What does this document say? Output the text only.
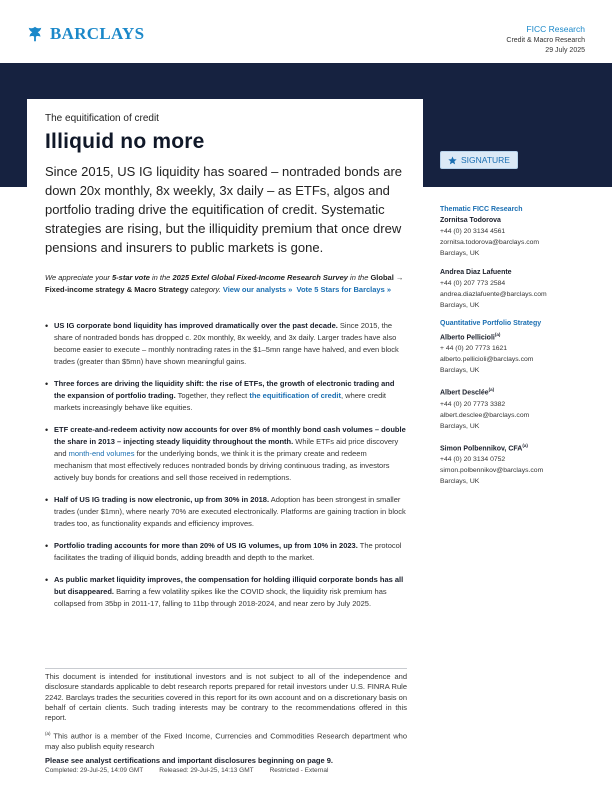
BARCLAYS	FICC Research
Credit & Macro Research
29 July 2025
The equitification of credit
Illiquid no more
Since 2015, US IG liquidity has soared – nontraded bonds are down 20x monthly, 8x weekly, 3x daily – as ETFs, algos and portfolio trading drive the equitification of credit. Systematic strategies are rising, but the illiquidity premium that once drew pensions and insurers to public markets is gone.
SIGNATURE
We appreciate your 5-star vote in the 2025 Extel Global Fixed-Income Research Survey in the Global → Fixed-income strategy & Macro Strategy category. View our analysts » Vote 5 Stars for Barclays »
• US IG corporate bond liquidity has improved dramatically over the past decade. Since 2015, the share of nontraded bonds has dropped c. 20x monthly, 8x weekly, and 3x daily. Larger trades have also become easier to execute – monthly nontrading rates in the $1–5mn range have halved, and even block trades (greater than $5mn) have shown meaningful gains.
• Three forces are driving the liquidity shift: the rise of ETFs, the growth of electronic trading and the expansion of portfolio trading. Together, they reflect the equitification of credit, where credit markets increasingly behave like equities.
• ETF create-and-redeem activity now accounts for over 8% of monthly bond cash volumes – double the share in 2013 – injecting steady liquidity throughout the month. While ETFs aid price discovery and month-end volumes for the underlying bonds, we think it is the primary create and redeem mechanism that most effectively reduces nontraded bonds by driving continuous trading, as investors actively buy bonds for creations and sell those received in redemptions.
• Half of US IG trading is now electronic, up from 30% in 2018. Adoption has been strongest in smaller trades (under $1mn), where nearly 70% are executed electronically. Platforms are gaining traction in block trades too, as functionality expands and efficiency improves.
• Portfolio trading accounts for more than 20% of US IG volumes, up from 10% in 2023. The protocol facilitates the trading of illiquid bonds, adding breadth and depth to the market.
• As public market liquidity improves, the compensation for holding illiquid corporate bonds has all but disappeared. Barring a few volatility spikes like the COVID shock, the liquidity risk premium has collapsed from 35bp in 2011-17, falling to 11bp through 2018-2024, and near zero by July 2025.
This document is intended for institutional investors and is not subject to all of the independence and disclosure standards applicable to debt research reports prepared for retail investors under U.S. FINRA Rule 2242. Barclays trades the securities covered in this report for its own account and on a discretionary basis on behalf of certain clients. Such trading interests may be contrary to the recommendations offered in this report.
$^{(a)}$ This author is a member of the Fixed Income, Currencies and Commodities Research department who may also publish equity research
Please see analyst certifications and important disclosures beginning on page 9.
Completed: 29-Jul-25, 14:09 GMT Released: 29-Jul-25, 14:13 GMT Restricted - External
Thematic FICC Research
Zornitsa Todorova
+44 (0) 20 3134 4561
zornitsa.todorova@barclays.com
Barclays, UK
Andrea Diaz Lafuente
+44 (0) 207 773 2584
andrea.diazlafuente@barclays.com
Barclays, UK
Quantitative Portfolio Strategy
Alberto Pellicioli$^{(a)}$
+ 44 (0) 20 7773 1621
alberto.pellicioli@barclays.com
Barclays, UK
Albert Desclée$^{(a)}$
+44 (0) 20 7773 3382
albert.desclee@barclays.com
Barclays, UK
Simon Polbennikov, $CFA^{(a)}$
+44 (0) 20 3134 0752
simon.polbennikov@barclays.com
Barclays, UK
